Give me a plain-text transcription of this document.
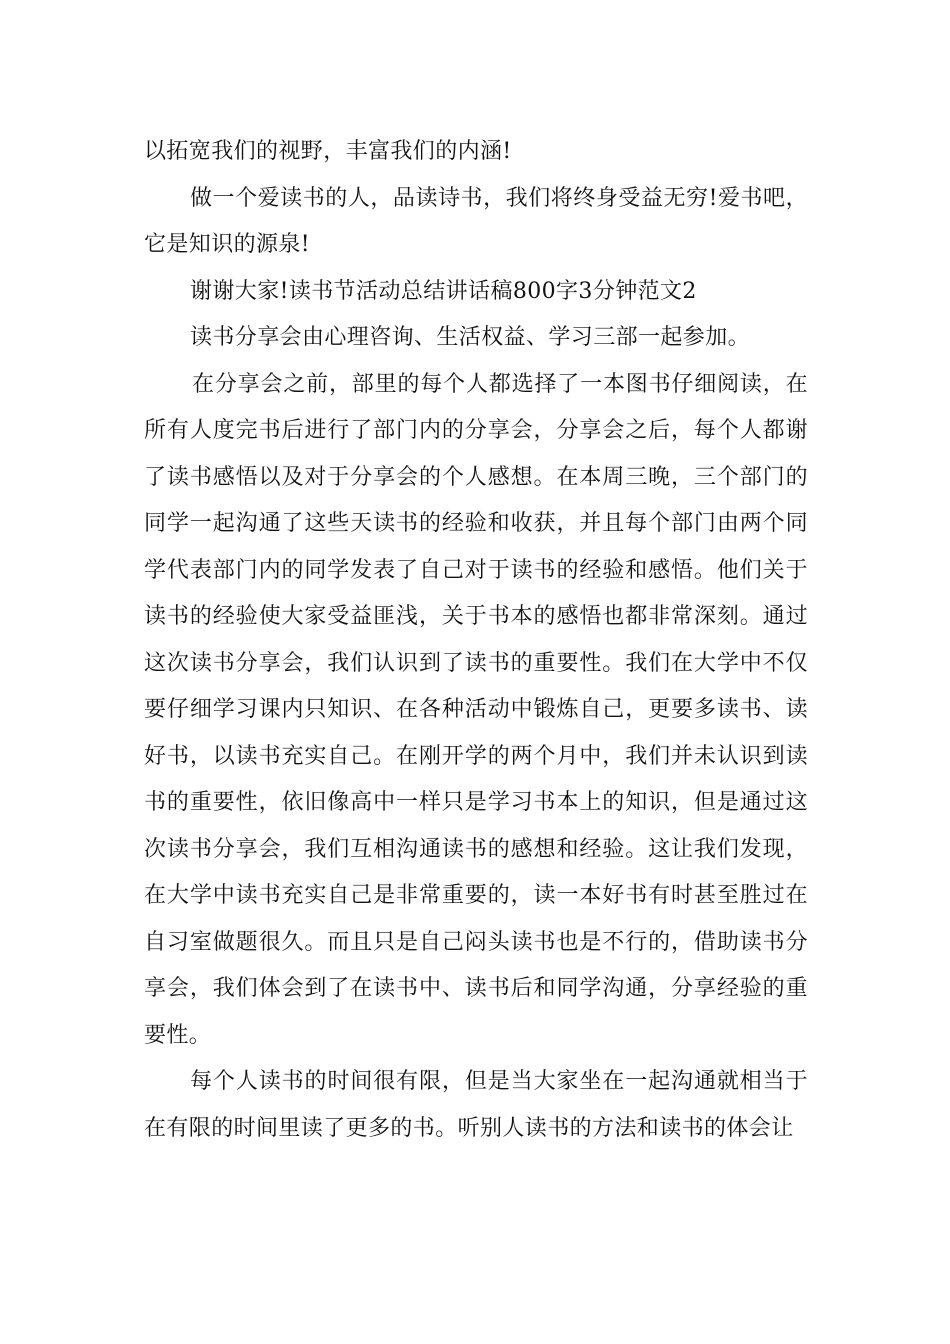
以拓宽我们的视野，丰富我们的内涵!

做一个爱读书的人，品读诗书，我们将终身受益无穷!爱书吧，它是知识的源泉!

谢谢大家!读书节活动总结讲话稿800字3分钟范文2

读书分享会由心理咨询、生活权益、学习三部一起参加。

在分享会之前，部里的每个人都选择了一本图书仔细阅读，在所有人度完书后进行了部门内的分享会，分享会之后，每个人都谢了读书感悟以及对于分享会的个人感想。在本周三晚，三个部门的同学一起沟通了这些天读书的经验和收获，并且每个部门由两个同学代表部门内的同学发表了自己对于读书的经验和感悟。他们关于读书的经验使大家受益匪浅，关于书本的感悟也都非常深刻。通过这次读书分享会，我们认识到了读书的重要性。我们在大学中不仅要仔细学习课内只知识、在各种活动中锻炼自己，更要多读书、读好书，以读书充实自己。在刚开学的两个月中，我们并未认识到读书的重要性，依旧像高中一样只是学习书本上的知识，但是通过这次读书分享会，我们互相沟通读书的感想和经验。这让我们发现，在大学中读书充实自己是非常重要的，读一本好书有时甚至胜过在自习室做题很久。而且只是自己闷头读书也是不行的，借助读书分享会，我们体会到了在读书中、读书后和同学沟通，分享经验的重要性。

每个人读书的时间很有限，但是当大家坐在一起沟通就相当于在有限的时间里读了更多的书。听别人读书的方法和读书的体会让
